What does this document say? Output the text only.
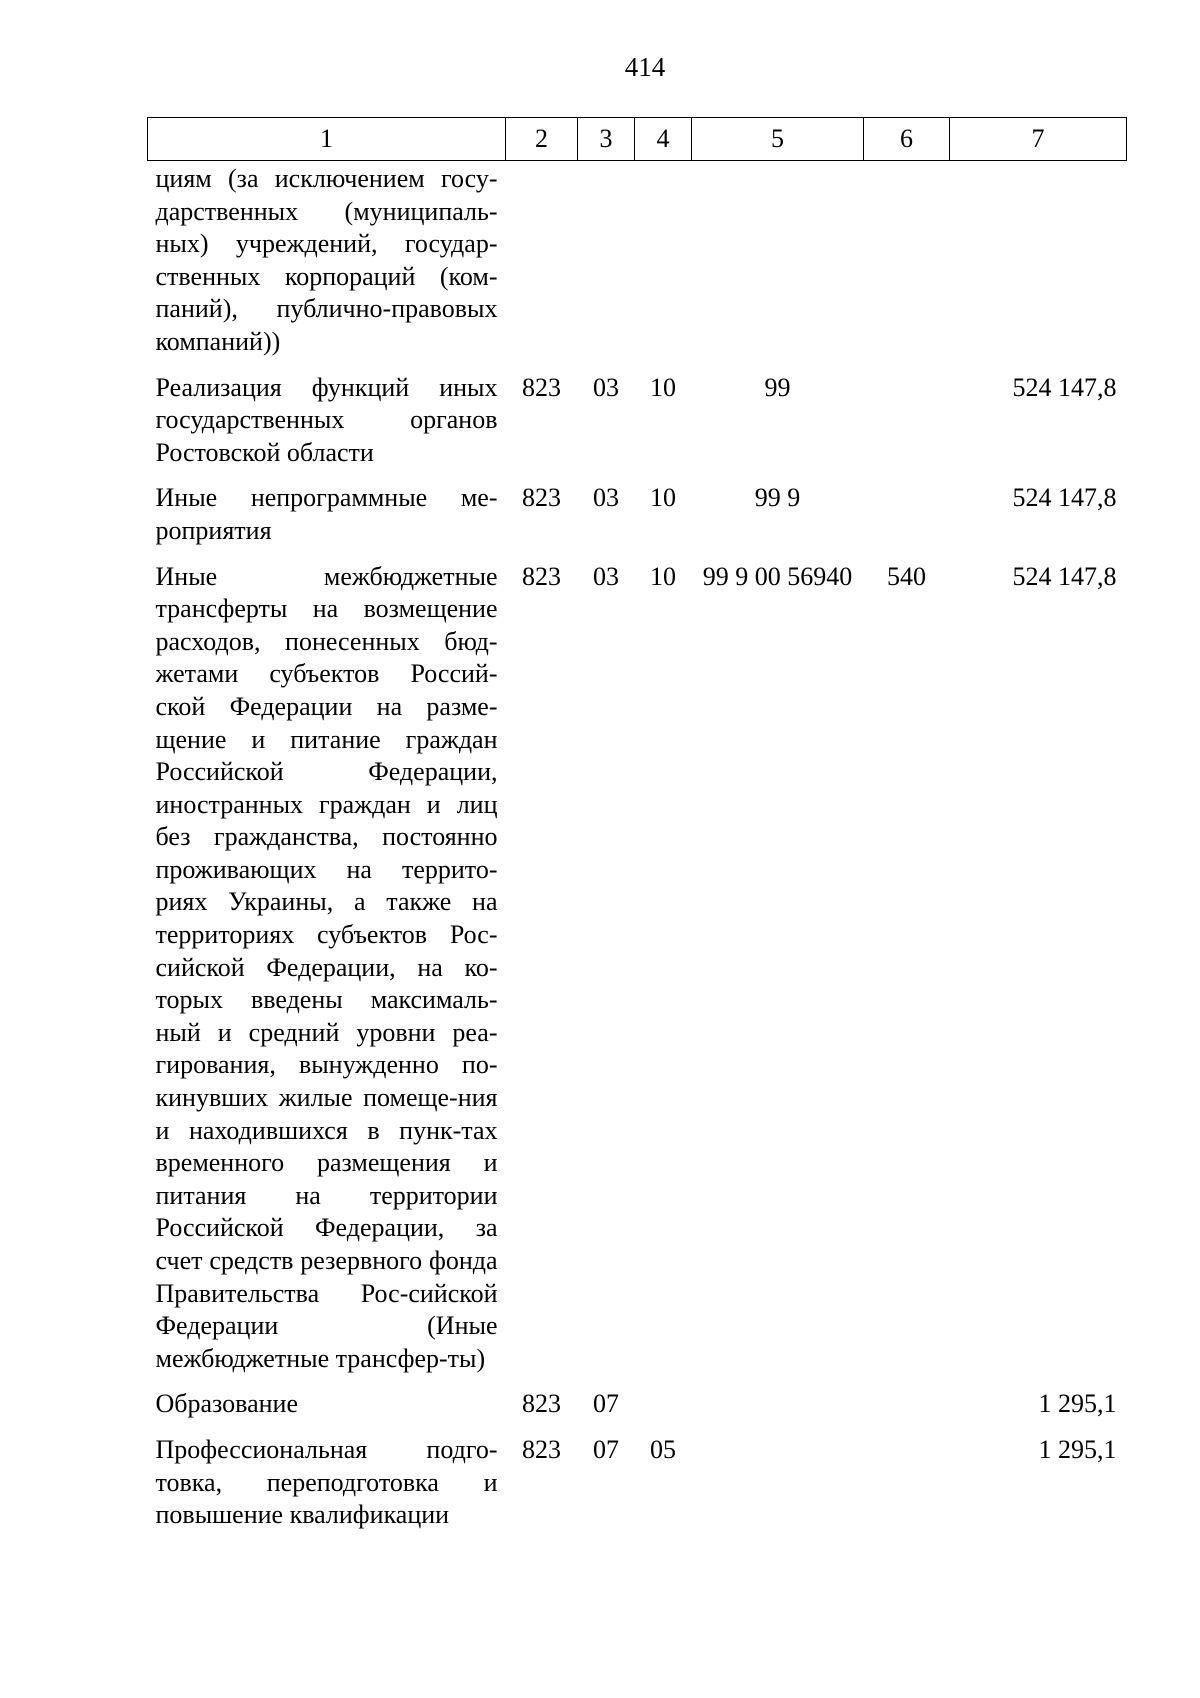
414
1	2	3	4	5	6	7
циям (за исключением госу-дарственных (муниципаль-ных) учреждений, государ-ственных корпораций (ком-паний), публично-правовых компаний))						
Реализация функций иных государственных органов Ростовской области	823	03	10	99		524 147,8
Иные непрограммные ме-роприятия	823	03	10	99 9		524 147,8
Иные межбюджетные трансферты на возмещение расходов, понесенных бюд-жетами субъектов Россий-ской Федерации на разме-щение и питание граждан Российской Федерации, иностранных граждан и лиц без гражданства, постоянно проживающих на террито-риях Украины, а также на территориях субъектов Рос-сийской Федерации, на ко-торых введены максималь-ный и средний уровни реа-гирования, вынужденно по-кинувших жилые помеще-ния и находившихся в пунк-тах временного размещения и питания на территории Российской Федерации, за счет средств резервного фонда Правительства Рос-сийской Федерации (Иные межбюджетные трансфер-ты)	823	03	10	99 9 00 56940	540	524 147,8
Образование	823	07				1 295,1
Профессиональная подго-товка, переподготовка и повышение квалификации	823	07	05			1 295,1
